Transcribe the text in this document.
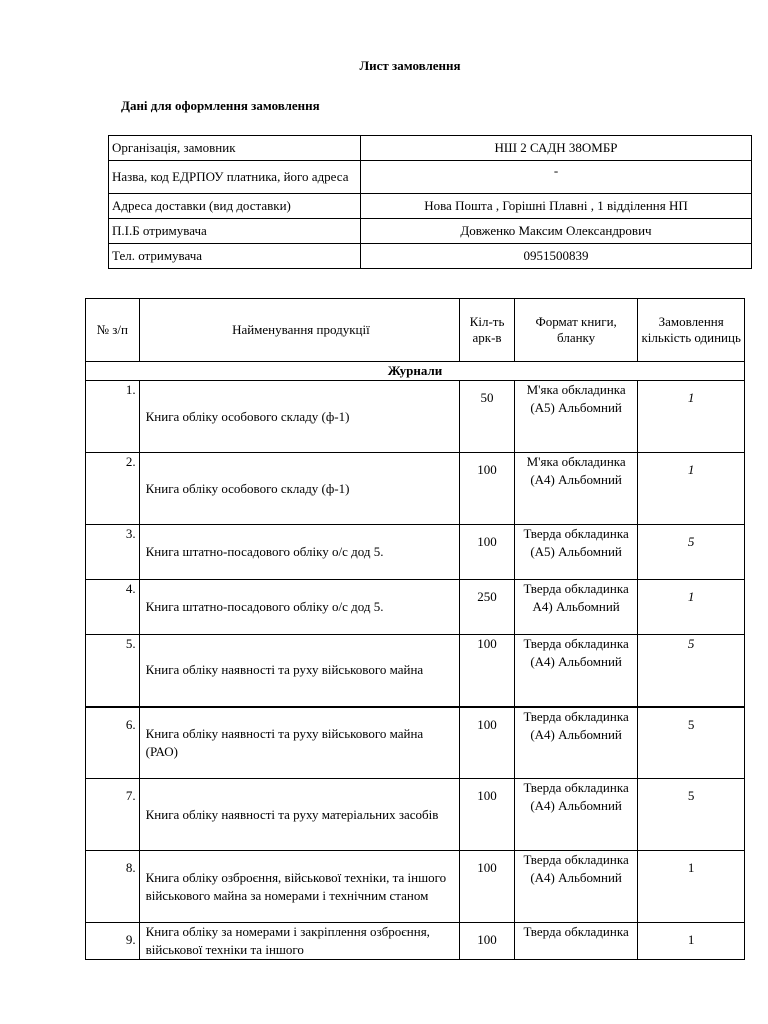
Лист замовлення
Дані для оформлення замовлення
Організація, замовник	НШ 2 САДН 38ОМБР
Назва, код ЕДРПОУ платника, його адреса	-
Адреса доставки (вид доставки)	Нова Пошта , Горішні Плавні , 1 відділення НП
П.І.Б отримувача	Довженко Максим Олександрович
Тел. отримувача	0951500839
№ з/п	Найменування продукції	Кіл-ть арк-в	Формат книги, бланку	Замовлення кількість одиниць
Журнали				
1.	Книга обліку особового складу (ф-1)	50	М'яка обкладинка (А5) Альбомний	1
2.	Книга обліку особового складу (ф-1)	100	М'яка обкладинка (А4) Альбомний	1
3.	Книга штатно-посадового обліку о/с дод 5.	100	Тверда обкладинка (А5) Альбомний	5
4.	Книга штатно-посадового обліку о/с дод 5.	250	Тверда обкладинка А4) Альбомний	1
5.	Книга обліку наявності та руху військового майна	100	Тверда обкладинка (А4) Альбомний	5
6.	Книга обліку наявності та руху військового майна (РАО)	100	Тверда обкладинка (А4) Альбомний	5
7.	Книга обліку наявності та руху матеріальних засобів	100	Тверда обкладинка (А4) Альбомний	5
8.	Книга обліку озброєння, військової техніки, та іншого військового майна за номерами і технічним станом	100	Тверда обкладинка (А4) Альбомний	1
9.	Книга обліку за номерами і закріплення озброєння, військової техніки та іншого	100	Тверда обкладинка	1
